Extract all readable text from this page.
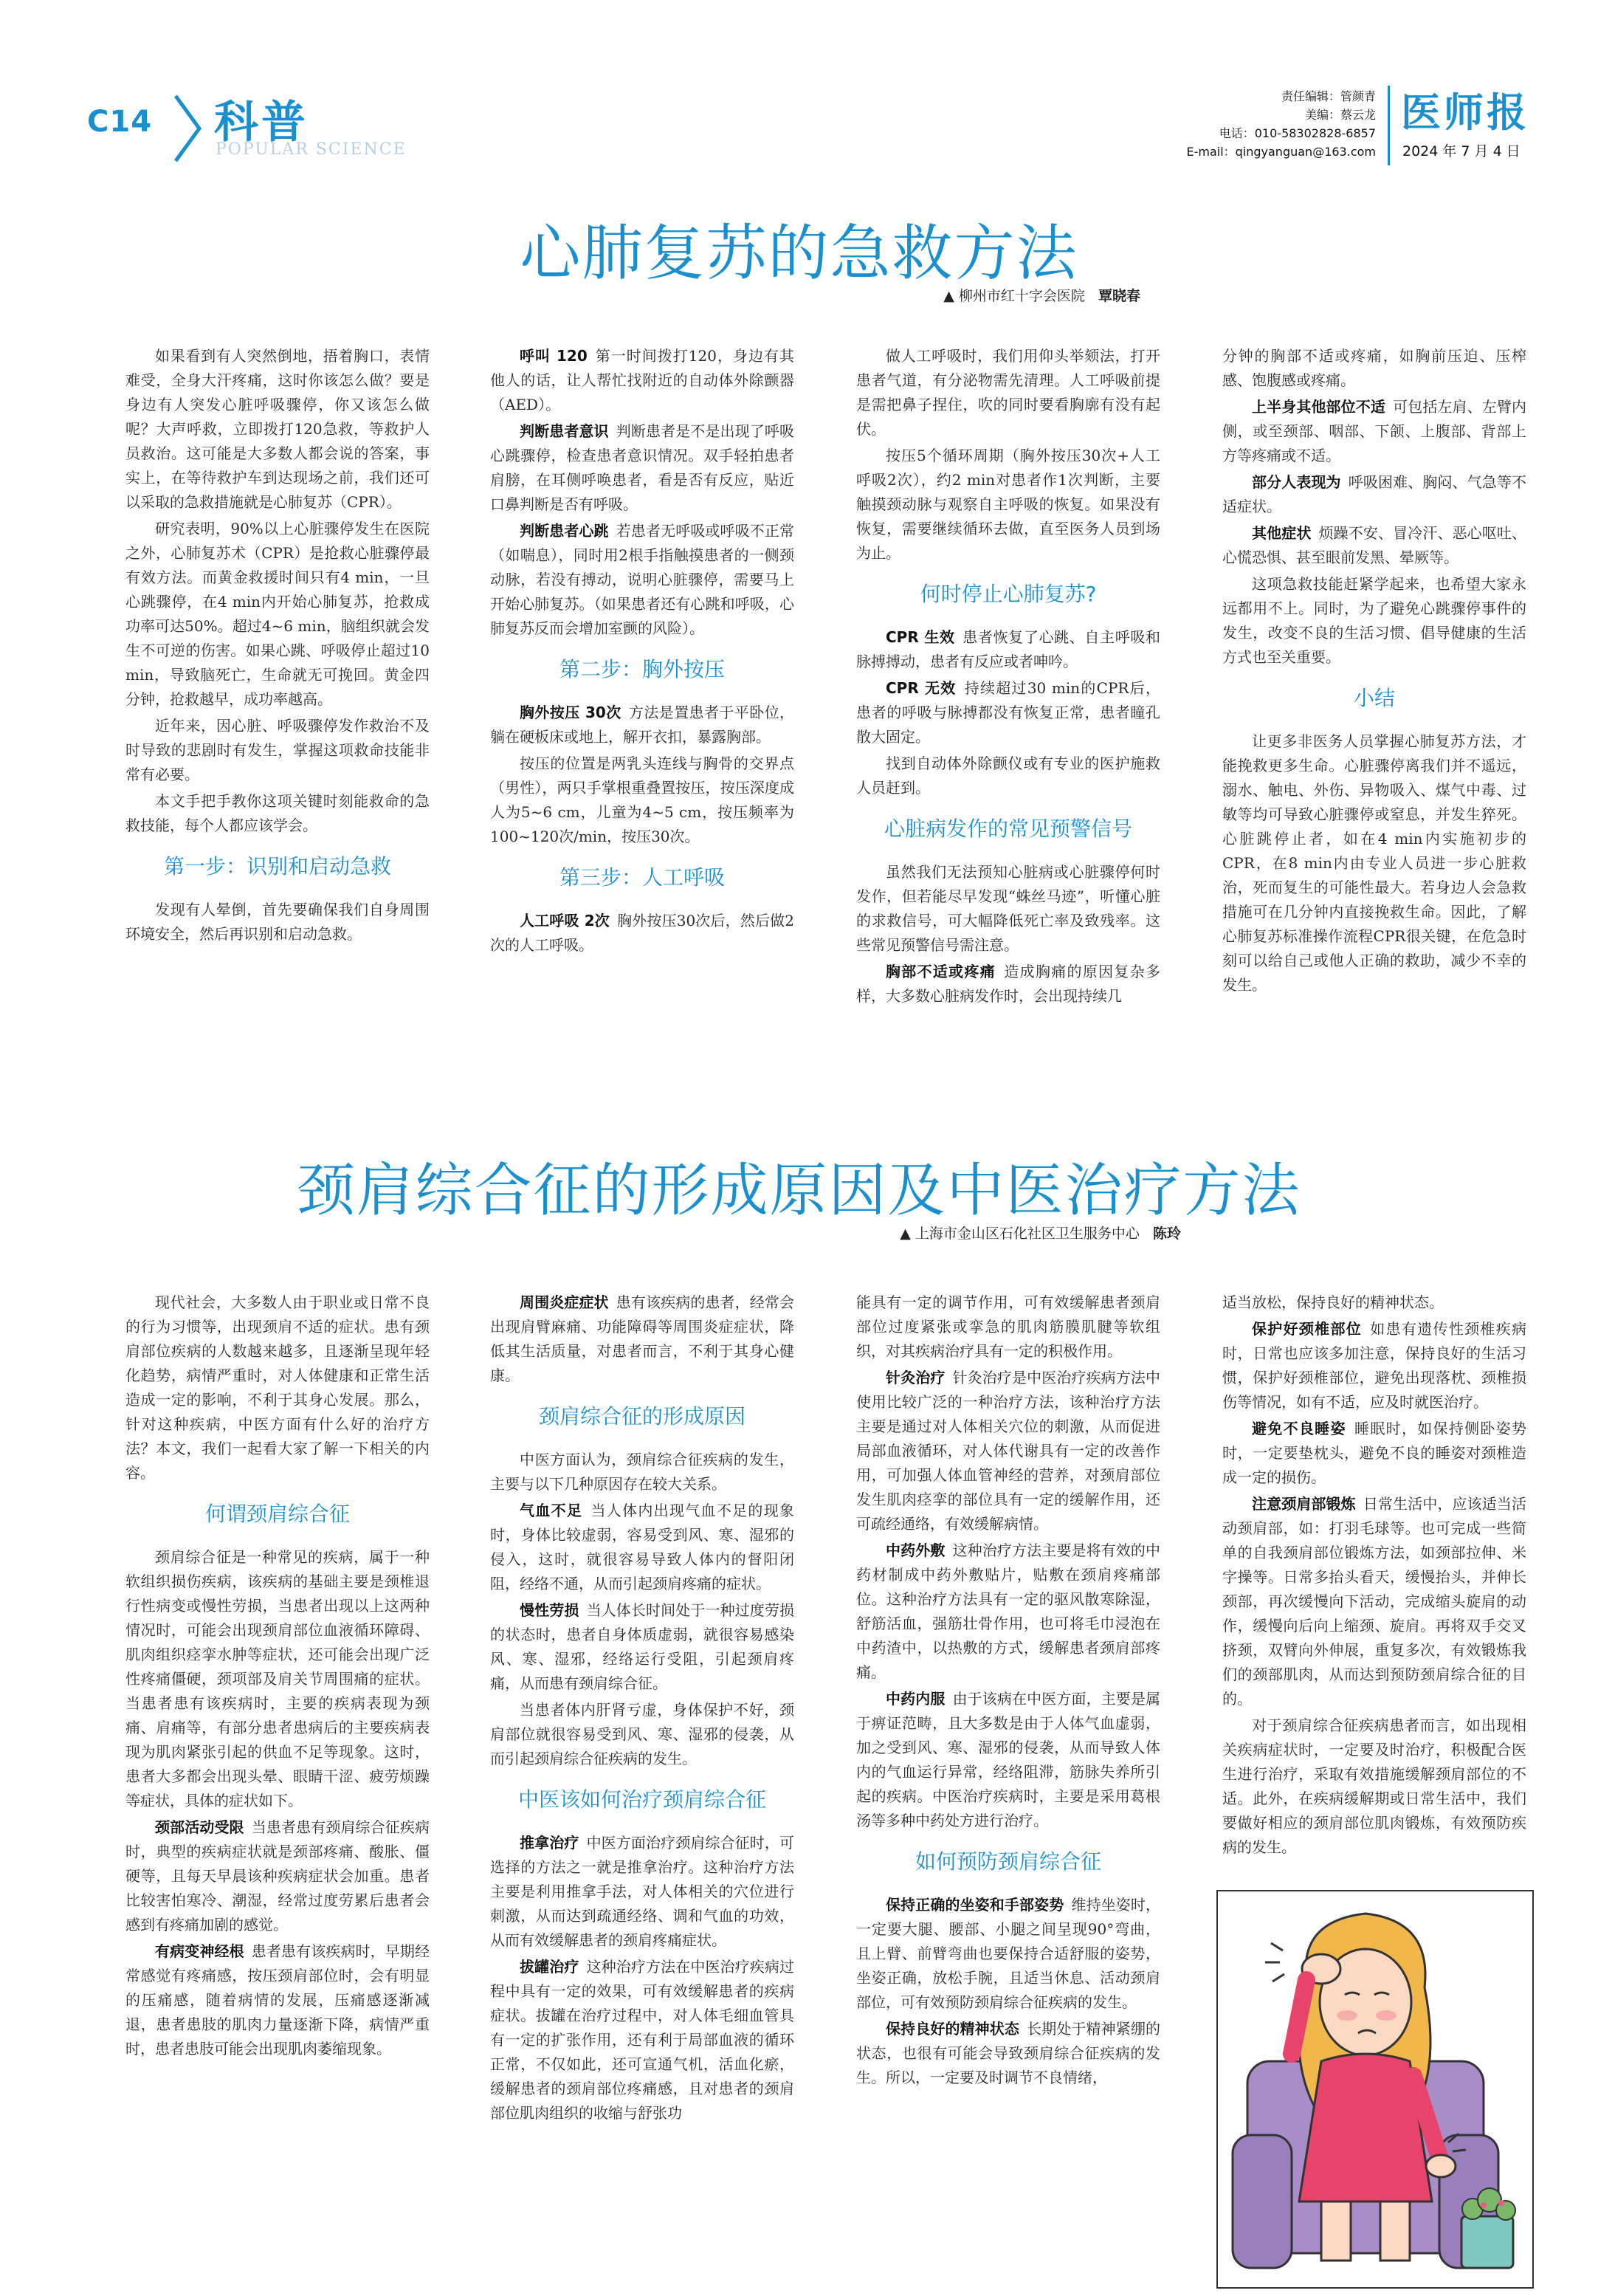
C14 科普
POPULAR SCIENCE
责任编辑：管颜青
美编：蔡云龙
电话：010-58302828-6857
E-mail：qingyanguan@163.com
医师报
2024 年 7 月 4 日
心肺复苏的急救方法
▲ 柳州市红十字会医院 覃晓春

如果看到有人突然倒地，捂着胸口，表情难受，全身大汗疼痛，这时你该怎么做？要是身边有人突发心脏呼吸骤停，你又该怎么做呢？大声呼救，立即拨打120急救，等救护人员救治。这可能是大多数人都会说的答案，事实上，在等待救护车到达现场之前，我们还可以采取的急救措施就是心肺复苏（CPR）。

研究表明，90%以上心脏骤停发生在医院之外，心肺复苏术（CPR）是抢救心脏骤停最有效方法。而黄金救援时间只有4 min，一旦心跳骤停，在4 min内开始心肺复苏，抢救成功率可达50%。超过4~6 min，脑组织就会发生不可逆的伤害。如果心跳、呼吸停止超过10 min，导致脑死亡，生命就无可挽回。黄金四分钟，抢救越早，成功率越高。

近年来，因心脏、呼吸骤停发作救治不及时导致的悲剧时有发生，掌握这项救命技能非常有必要。

本文手把手教你这项关键时刻能救命的急救技能，每个人都应该学会。

第一步：识别和启动急救

发现有人晕倒，首先要确保我们自身周围环境安全，然后再识别和启动急救。

呼叫 120  第一时间拨打120，身边有其他人的话，让人帮忙找附近的自动体外除颤器（AED）。

判断患者意识  判断患者是不是出现了呼吸心跳骤停，检查患者意识情况。双手轻拍患者肩膀，在耳侧呼唤患者，看是否有反应，贴近口鼻判断是否有呼吸。

判断患者心跳  若患者无呼吸或呼吸不正常（如喘息），同时用2根手指触摸患者的一侧颈动脉，若没有搏动，说明心脏骤停，需要马上开始心肺复苏。（如果患者还有心跳和呼吸，心肺复苏反而会增加室颤的风险）。

第二步：胸外按压

胸外按压 30次  方法是置患者于平卧位，躺在硬板床或地上，解开衣扣，暴露胸部。

按压的位置是两乳头连线与胸骨的交界点（男性），两只手掌根重叠置按压，按压深度成人为5~6 cm，儿童为4~5 cm，按压频率为100~120次/min，按压30次。

第三步：人工呼吸

人工呼吸 2次  胸外按压30次后，然后做2次的人工呼吸。

做人工呼吸时，我们用仰头举颏法，打开患者气道，有分泌物需先清理。人工呼吸前提是需把鼻子捏住，吹的同时要看胸廓有没有起伏。

按压5个循环周期（胸外按压30次+人工呼吸2次），约2 min对患者作1次判断，主要触摸颈动脉与观察自主呼吸的恢复。如果没有恢复，需要继续循环去做，直至医务人员到场为止。

何时停止心肺复苏?

CPR 生效  患者恢复了心跳、自主呼吸和脉搏搏动，患者有反应或者呻吟。

CPR 无效  持续超过30 min的CPR后，患者的呼吸与脉搏都没有恢复正常，患者瞳孔散大固定。

找到自动体外除颤仪或有专业的医护施救人员赶到。

心脏病发作的常见预警信号

虽然我们无法预知心脏病或心脏骤停何时发作，但若能尽早发现“蛛丝马迹”，听懂心脏的求救信号，可大幅降低死亡率及致残率。这些常见预警信号需注意。

胸部不适或疼痛  造成胸痛的原因复杂多样，大多数心脏病发作时，会出现持续几

分钟的胸部不适或疼痛，如胸前压迫、压榨感、饱腹感或疼痛。

上半身其他部位不适  可包括左肩、左臂内侧，或至颈部、咽部、下颌、上腹部、背部上方等疼痛或不适。

部分人表现为  呼吸困难、胸闷、气急等不适症状。

其他症状  烦躁不安、冒冷汗、恶心呕吐、心慌恐惧、甚至眼前发黑、晕厥等。

这项急救技能赶紧学起来，也希望大家永远都用不上。同时，为了避免心跳骤停事件的发生，改变不良的生活习惯、倡导健康的生活方式也至关重要。

小结

让更多非医务人员掌握心肺复苏方法，才能挽救更多生命。心脏骤停离我们并不遥远，溺水、触电、外伤、异物吸入、煤气中毒、过敏等均可导致心脏骤停或窒息，并发生猝死。心脏跳停止者，如在4 min内实施初步的CPR，在8 min内由专业人员进一步心脏救治，死而复生的可能性最大。若身边人会急救措施可在几分钟内直接挽救生命。因此，了解心肺复苏标准操作流程CPR很关键，在危急时刻可以给自己或他人正确的救助，减少不幸的发生。

颈肩综合征的形成原因及中医治疗方法
▲ 上海市金山区石化社区卫生服务中心 陈玲

现代社会，大多数人由于职业或日常不良的行为习惯等，出现颈肩不适的症状。患有颈肩部位疾病的人数越来越多，且逐渐呈现年轻化趋势，病情严重时，对人体健康和正常生活造成一定的影响，不利于其身心发展。那么，针对这种疾病，中医方面有什么好的治疗方法？本文，我们一起看大家了解一下相关的内容。

何谓颈肩综合征

颈肩综合征是一种常见的疾病，属于一种软组织损伤疾病，该疾病的基础主要是颈椎退行性病变或慢性劳损，当患者出现以上这两种情况时，可能会出现颈肩部位血液循环障碍、肌肉组织痉挛水肿等症状，还可能会出现广泛性疼痛僵硬，颈项部及肩关节周围痛的症状。当患者患有该疾病时，主要的疾病表现为颈痛、肩痛等，有部分患者患病后的主要疾病表现为肌肉紧张引起的供血不足等现象。这时，患者大多都会出现头晕、眼睛干涩、疲劳烦躁等症状，具体的症状如下。

颈部活动受限  当患者患有颈肩综合征疾病时，典型的疾病症状就是颈部疼痛、酸胀、僵硬等，且每天早晨该种疾病症状会加重。患者比较害怕寒冷、潮湿，经常过度劳累后患者会感到有疼痛加剧的感觉。

有病变神经根  患者患有该疾病时，早期经常感觉有疼痛感，按压颈肩部位时，会有明显的压痛感，随着病情的发展，压痛感逐渐减退，患者患肢的肌肉力量逐渐下降，病情严重时，患者患肢可能会出现肌肉萎缩现象。

周围炎症症状  患有该疾病的患者，经常会出现肩臂麻痛、功能障碍等周围炎症症状，降低其生活质量，对患者而言，不利于其身心健康。

颈肩综合征的形成原因

中医方面认为，颈肩综合征疾病的发生，主要与以下几种原因存在较大关系。

气血不足  当人体内出现气血不足的现象时，身体比较虚弱，容易受到风、寒、湿邪的侵入，这时，就很容易导致人体内的督阳闭阻，经络不通，从而引起颈肩疼痛的症状。

慢性劳损  当人体长时间处于一种过度劳损的状态时，患者自身体质虚弱，就很容易感染风、寒、湿邪，经络运行受阻，引起颈肩疼痛，从而患有颈肩综合征。

当患者体内肝肾亏虚，身体保护不好，颈肩部位就很容易受到风、寒、湿邪的侵袭，从而引起颈肩综合征疾病的发生。

中医该如何治疗颈肩综合征

推拿治疗  中医方面治疗颈肩综合征时，可选择的方法之一就是推拿治疗。这种治疗方法主要是利用推拿手法，对人体相关的穴位进行刺激，从而达到疏通经络、调和气血的功效，从而有效缓解患者的颈肩疼痛症状。

拔罐治疗  这种治疗方法在中医治疗疾病过程中具有一定的效果，可有效缓解患者的疾病症状。拔罐在治疗过程中，对人体毛细血管具有一定的扩张作用，还有利于局部血液的循环正常，不仅如此，还可宣通气机，活血化瘀，缓解患者的颈肩部位疼痛感，且对患者的颈肩部位肌肉组织的收缩与舒张功

能具有一定的调节作用，可有效缓解患者颈肩部位过度紧张或挛急的肌肉筋膜肌腱等软组织，对其疾病治疗具有一定的积极作用。

针灸治疗  针灸治疗是中医治疗疾病方法中使用比较广泛的一种治疗方法，该种治疗方法主要是通过对人体相关穴位的刺激，从而促进局部血液循环，对人体代谢具有一定的改善作用，可加强人体血管神经的营养，对颈肩部位发生肌肉痉挛的部位具有一定的缓解作用，还可疏经通络，有效缓解病情。

中药外敷  这种治疗方法主要是将有效的中药材制成中药外敷贴片，贴敷在颈肩疼痛部位。这种治疗方法具有一定的驱风散寒除湿，舒筋活血，强筋壮骨作用，也可将毛巾浸泡在中药渣中，以热敷的方式，缓解患者颈肩部疼痛。

中药内服  由于该病在中医方面，主要是属于痹证范畴，且大多数是由于人体气血虚弱，加之受到风、寒、湿邪的侵袭，从而导致人体内的气血运行异常，经络阻滞，筋脉失养所引起的疾病。中医治疗疾病时，主要是采用葛根汤等多种中药处方进行治疗。

如何预防颈肩综合征

保持正确的坐姿和手部姿势  维持坐姿时，一定要大腿、腰部、小腿之间呈现90°弯曲，且上臂、前臂弯曲也要保持合适舒服的姿势，坐姿正确，放松手腕，且适当休息、活动颈肩部位，可有效预防颈肩综合征疾病的发生。

保持良好的精神状态  长期处于精神紧绷的状态，也很有可能会导致颈肩综合征疾病的发生。所以，一定要及时调节不良情绪，

适当放松，保持良好的精神状态。

保护好颈椎部位  如患有遗传性颈椎疾病时，日常也应该多加注意，保持良好的生活习惯，保护好颈椎部位，避免出现落枕、颈椎损伤等情况，如有不适，应及时就医治疗。

避免不良睡姿  睡眠时，如保持侧卧姿势时，一定要垫枕头，避免不良的睡姿对颈椎造成一定的损伤。

注意颈肩部锻炼  日常生活中，应该适当活动颈肩部，如：打羽毛球等。也可完成一些简单的自我颈肩部位锻炼方法，如颈部拉伸、米字操等。日常多抬头看天，缓慢抬头，并伸长颈部，再次缓慢向下活动，完成缩头旋肩的动作，缓慢向后向上缩颈、旋肩。再将双手交叉挤颈，双臂向外伸展，重复多次，有效锻炼我们的颈部肌肉，从而达到预防颈肩综合征的目的。

对于颈肩综合征疾病患者而言，如出现相关疾病症状时，一定要及时治疗，积极配合医生进行治疗，采取有效措施缓解颈肩部位的不适。此外，在疾病缓解期或日常生活中，我们要做好相应的颈肩部位肌肉锻炼，有效预防疾病的发生。
